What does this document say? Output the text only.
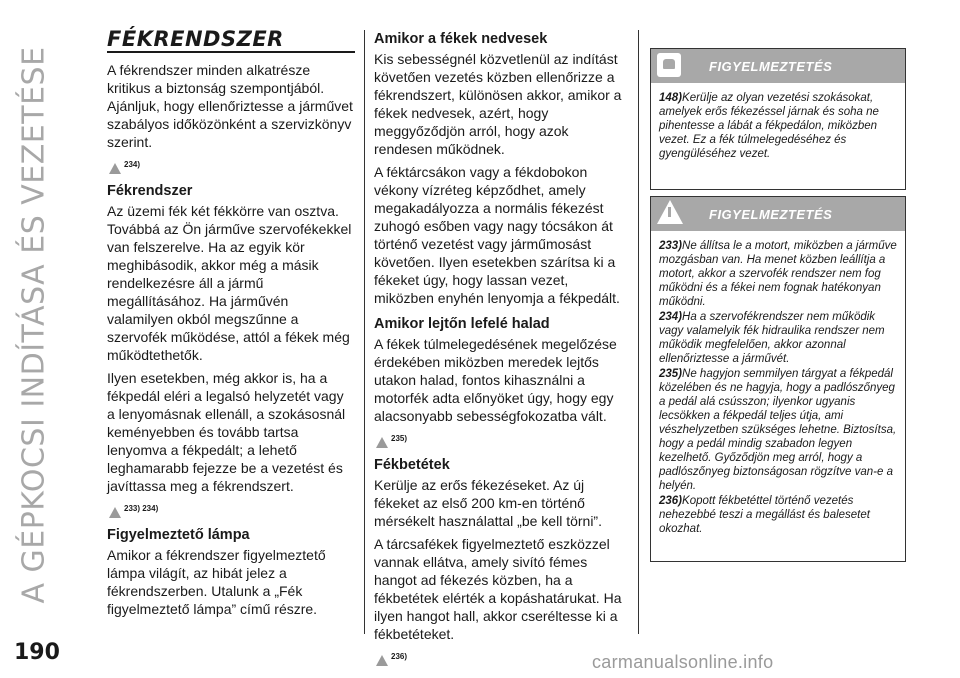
A GÉPKOCSI INDÍTÁSA ÉS VEZETÉSE
FÉKRENDSZER

A fékrendszer minden alkatrésze kritikus a biztonság szempontjából. Ajánljuk, hogy ellenőriztesse a járművet szabályos időközönként a szervizkönyv szerint.

234)
Fékrendszer

Az üzemi fék két fékkörre van osztva. Továbbá az Ön járműve szervofékekkel van felszerelve. Ha az egyik kör meghibásodik, akkor még a másik rendelkezésre áll a jármű megállításához. Ha járművén valamilyen okból megszűnne a szervofék működése, attól a fékek még működtethetők.

Ilyen esetekben, még akkor is, ha a fékpedál eléri a legalsó helyzetét vagy a lenyomásnak ellenáll, a szokásosnál keményebben és tovább tartsa lenyomva a fékpedált; a lehető leghamarabb fejezze be a vezetést és javíttassa meg a fékrendszert.

233) 234)
Figyelmeztető lámpa

Amikor a fékrendszer figyelmeztető lámpa világít, az hibát jelez a fékrendszerben. Utalunk a „Fék figyelmeztető lámpa” című részre.

Amikor a fékek nedvesek

Kis sebességnél közvetlenül az indítást követően vezetés közben ellenőrizze a fékrendszert, különösen akkor, amikor a fékek nedvesek, azért, hogy meggyőződjön arról, hogy azok rendesen működnek.

A féktárcsákon vagy a fékdobokon vékony vízréteg képződhet, amely megakadályozza a normális fékezést zuhogó esőben vagy nagy tócsákon át történő vezetést vagy járműmosást követően. Ilyen esetekben szárítsa ki a fékeket úgy, hogy lassan vezet, miközben enyhén lenyomja a fékpedált.

Amikor lejtőn lefelé halad

A fékek túlmelegedésének megelőzése érdekében miközben meredek lejtős utakon halad, fontos kihasználni a motorfék adta előnyöket úgy, hogy egy alacsonyabb sebességfokozatba vált.

235)
Fékbetétek

Kerülje az erős fékezéseket. Az új fékeket az első 200 km-en történő mérsékelt használattal „be kell törni”.

A tárcsafékek figyelmeztető eszközzel vannak ellátva, amely sivító fémes hangot ad fékezés közben, ha a fékbetétek elérték a kopáshatárukat. Ha ilyen hangot hall, akkor cseréltesse ki a fékbetéteket.

236)
FIGYELMEZTETÉS

148)Kerülje az olyan vezetési szokásokat, amelyek erős fékezéssel járnak és soha ne pihentesse a lábát a fékpedálon, miközben vezet. Ez a fék túlmelegedéséhez és gyengüléséhez vezet.

FIGYELMEZTETÉS

233)Ne állítsa le a motort, miközben a járműve mozgásban van. Ha menet közben leállítja a motort, akkor a szervofék rendszer nem fog működni és a fékei nem fognak hatékonyan működni.

234)Ha a szervofékrendszer nem működik vagy valamelyik fék hidraulika rendszer nem működik megfelelően, akkor azonnal ellenőriztesse a járművét.

235)Ne hagyjon semmilyen tárgyat a fékpedál közelében és ne hagyja, hogy a padlószőnyeg a pedál alá csússzon; ilyenkor ugyanis lecsökken a fékpedál teljes útja, ami vészhelyzetben szükséges lehetne. Biztosítsa, hogy a pedál mindig szabadon legyen kezelhető. Győződjön meg arról, hogy a padlószőnyeg biztonságosan rögzítve van-e a helyén.

236)Kopott fékbetéttel történő vezetés nehezebbé teszi a megállást és balesetet okozhat.

190	carmanualsonline.info
